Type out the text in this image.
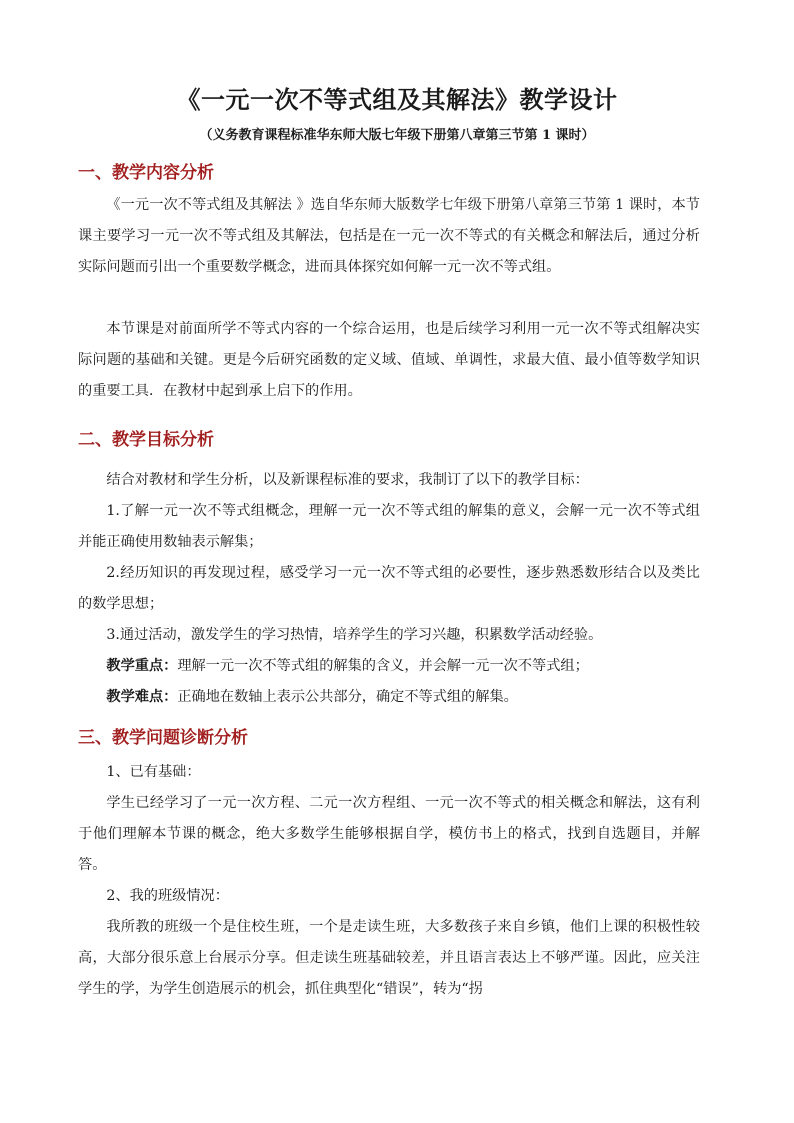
《一元一次不等式组及其解法》教学设计

（义务教育课程标准华东师大版七年级下册第八章第三节第 1 课时）

一、教学内容分析

《一元一次不等式组及其解法 》选自华东师大版数学七年级下册第八章第三节第 1 课时，本节课主要学习一元一次不等式组及其解法，包括是在一元一次不等式的有关概念和解法后，通过分析实际问题而引出一个重要数学概念，进而具体探究如何解一元一次不等式组。

本节课是对前面所学不等式内容的一个综合运用，也是后续学习利用一元一次不等式组解决实际问题的基础和关键。更是今后研究函数的定义域、值域、单调性，求最大值、最小值等数学知识的重要工具．在教材中起到承上启下的作用。

二、教学目标分析

结合对教材和学生分析，以及新课程标准的要求，我制订了以下的教学目标：

1.了解一元一次不等式组概念，理解一元一次不等式组的解集的意义，会解一元一次不等式组并能正确使用数轴表示解集；

2.经历知识的再发现过程，感受学习一元一次不等式组的必要性，逐步熟悉数形结合以及类比的数学思想；

3.通过活动，激发学生的学习热情，培养学生的学习兴趣，积累数学活动经验。

教学重点：理解一元一次不等式组的解集的含义，并会解一元一次不等式组；

教学难点：正确地在数轴上表示公共部分，确定不等式组的解集。

三、教学问题诊断分析

1、已有基础：

学生已经学习了一元一次方程、二元一次方程组、一元一次不等式的相关概念和解法，这有利于他们理解本节课的概念，绝大多数学生能够根据自学，模仿书上的格式，找到自选题目，并解答。

2、我的班级情况：

我所教的班级一个是住校生班，一个是走读生班，大多数孩子来自乡镇，他们上课的积极性较高，大部分很乐意上台展示分享。但走读生班基础较差，并且语言表达上不够严谨。因此，应关注学生的学，为学生创造展示的机会，抓住典型化“错误”，转为“拐
